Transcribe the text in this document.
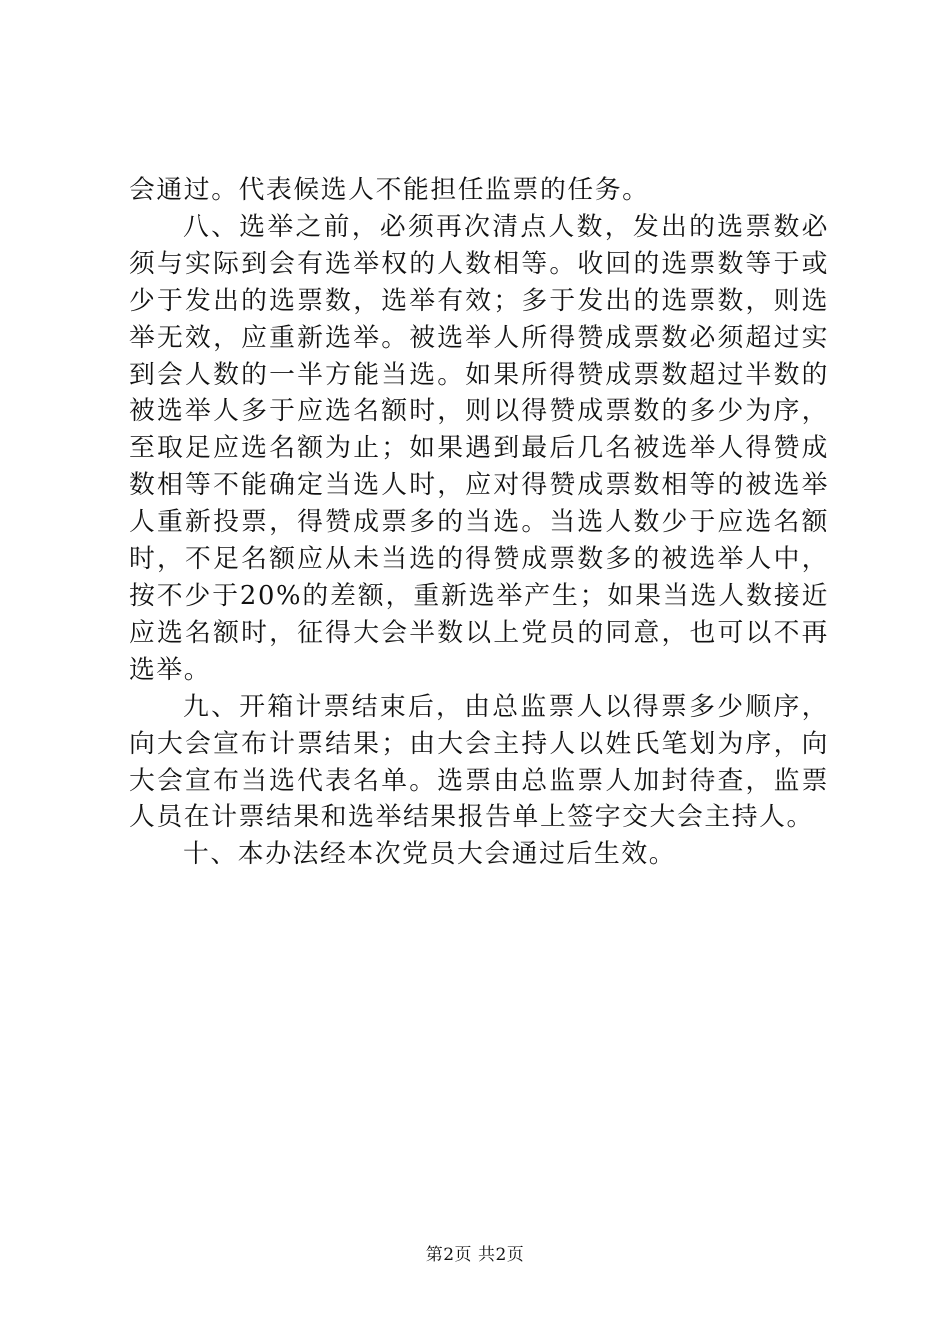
会通过。代表候选人不能担任监票的任务。

八、选举之前，必须再次清点人数，发出的选票数必须与实际到会有选举权的人数相等。收回的选票数等于或少于发出的选票数，选举有效；多于发出的选票数，则选举无效，应重新选举。被选举人所得赞成票数必须超过实到会人数的一半方能当选。如果所得赞成票数超过半数的被选举人多于应选名额时，则以得赞成票数的多少为序，至取足应选名额为止；如果遇到最后几名被选举人得赞成数相等不能确定当选人时，应对得赞成票数相等的被选举人重新投票，得赞成票多的当选。当选人数少于应选名额时，不足名额应从未当选的得赞成票数多的被选举人中，按不少于20%的差额，重新选举产生；如果当选人数接近应选名额时，征得大会半数以上党员的同意，也可以不再选举。

九、开箱计票结束后，由总监票人以得票多少顺序，向大会宣布计票结果；由大会主持人以姓氏笔划为序，向大会宣布当选代表名单。选票由总监票人加封待查，监票人员在计票结果和选举结果报告单上签字交大会主持人。

十、本办法经本次党员大会通过后生效。

第2页 共2页
